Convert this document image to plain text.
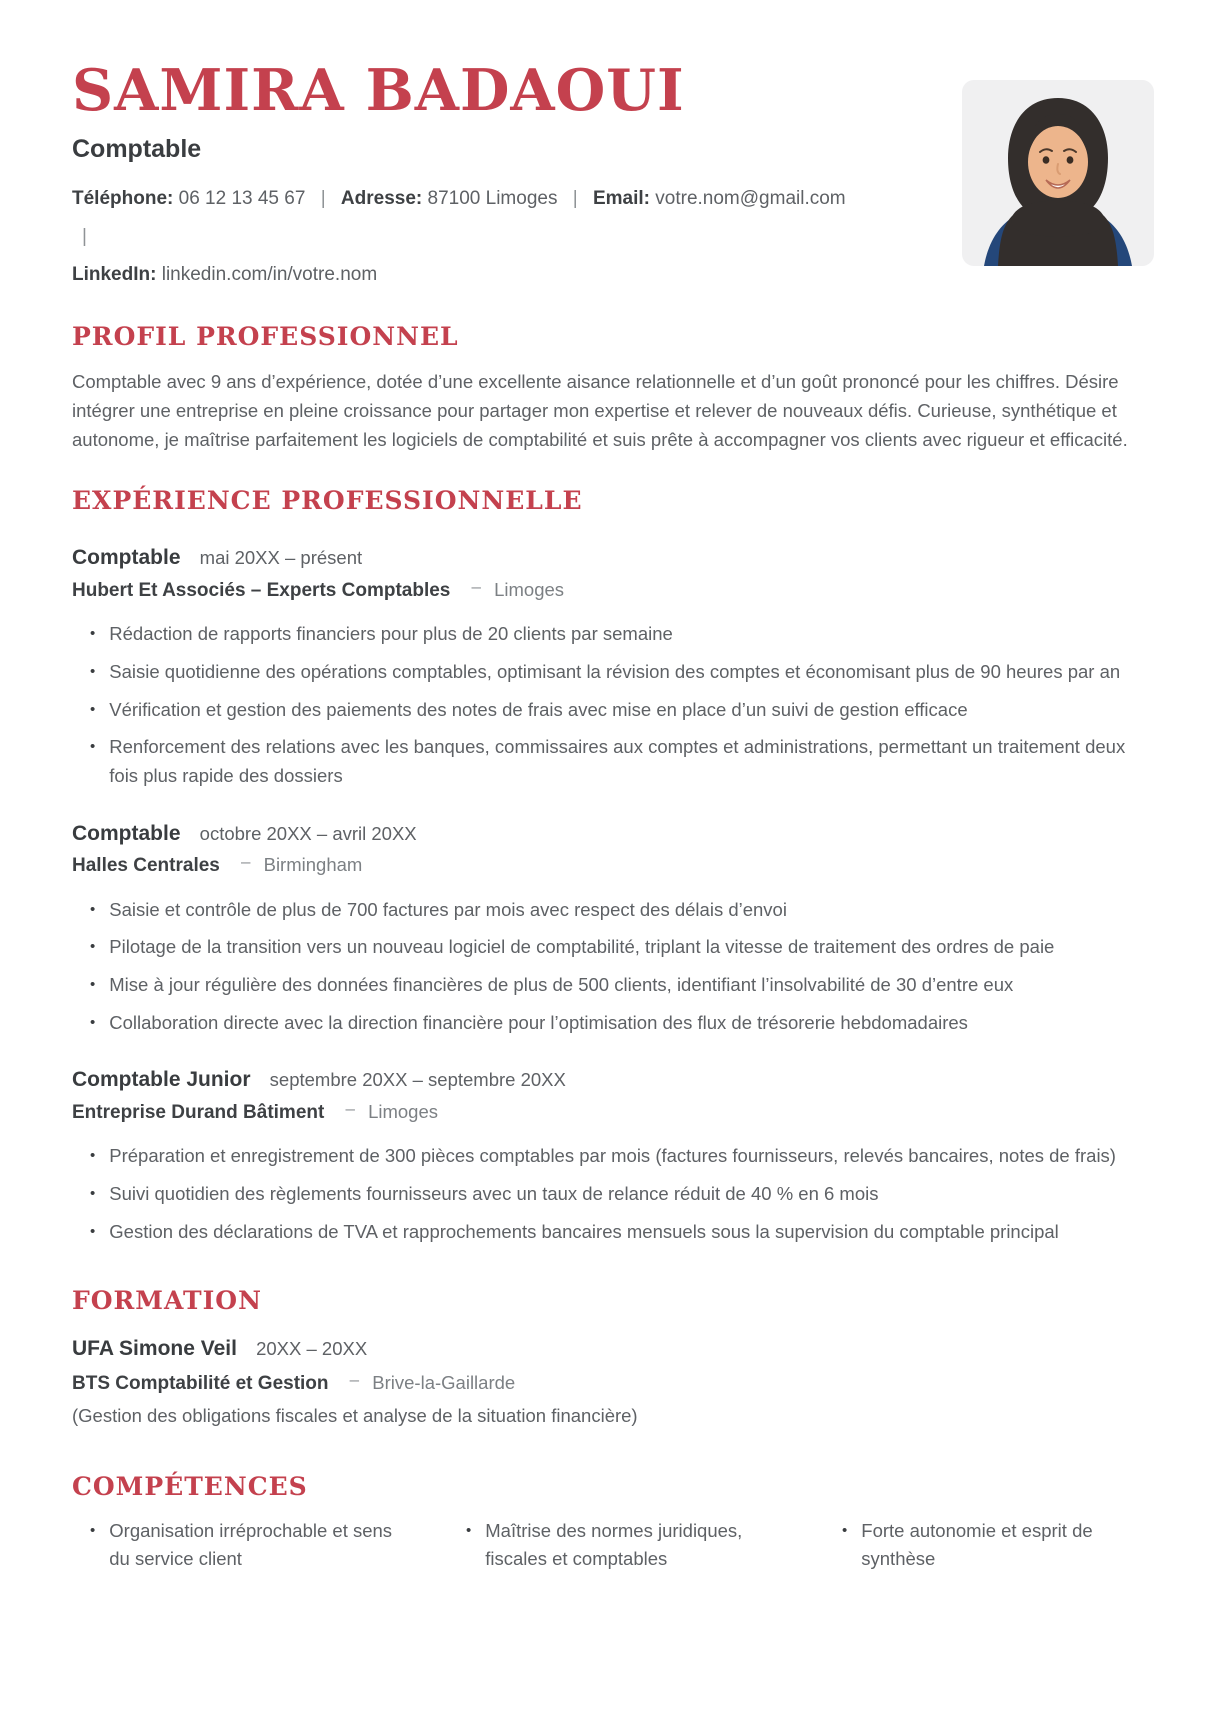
SAMIRA BADAOUI
Comptable
Téléphone: 06 12 13 45 67 | Adresse: 87100 Limoges | Email: votre.nom@gmail.com |
LinkedIn: linkedin.com/in/votre.nom
PROFIL PROFESSIONNEL

Comptable avec 9 ans d’expérience, dotée d’une excellente aisance relationnelle et d’un goût prononcé pour les chiffres. Désire intégrer une entreprise en pleine croissance pour partager mon expertise et relever de nouveaux défis. Curieuse, synthétique et autonome, je maîtrise parfaitement les logiciels de comptabilité et suis prête à accompagner vos clients avec rigueur et efficacité.

EXPÉRIENCE PROFESSIONNELLE
Comptable mai 20XX – présent
Hubert Et Associés – Experts Comptables – Limoges
• Rédaction de rapports financiers pour plus de 20 clients par semaine
• Saisie quotidienne des opérations comptables, optimisant la révision des comptes et économisant plus de 90 heures par an
• Vérification et gestion des paiements des notes de frais avec mise en place d’un suivi de gestion efficace
• Renforcement des relations avec les banques, commissaires aux comptes et administrations, permettant un traitement deux fois plus rapide des dossiers
Comptable octobre 20XX – avril 20XX
Halles Centrales – Birmingham
• Saisie et contrôle de plus de 700 factures par mois avec respect des délais d’envoi
• Pilotage de la transition vers un nouveau logiciel de comptabilité, triplant la vitesse de traitement des ordres de paie
• Mise à jour régulière des données financières de plus de 500 clients, identifiant l’insolvabilité de 30 d’entre eux
• Collaboration directe avec la direction financière pour l’optimisation des flux de trésorerie hebdomadaires
Comptable Junior septembre 20XX – septembre 20XX
Entreprise Durand Bâtiment – Limoges
• Préparation et enregistrement de 300 pièces comptables par mois (factures fournisseurs, relevés bancaires, notes de frais)
• Suivi quotidien des règlements fournisseurs avec un taux de relance réduit de 40 % en 6 mois
• Gestion des déclarations de TVA et rapprochements bancaires mensuels sous la supervision du comptable principal
FORMATION
UFA Simone Veil 20XX – 20XX
BTS Comptabilité et Gestion – Brive-la-Gaillarde
(Gestion des obligations fiscales et analyse de la situation financière)
COMPÉTENCES
• Organisation irréprochable et sens du service client
• Maîtrise des normes juridiques, fiscales et comptables
• Forte autonomie et esprit de synthèse
